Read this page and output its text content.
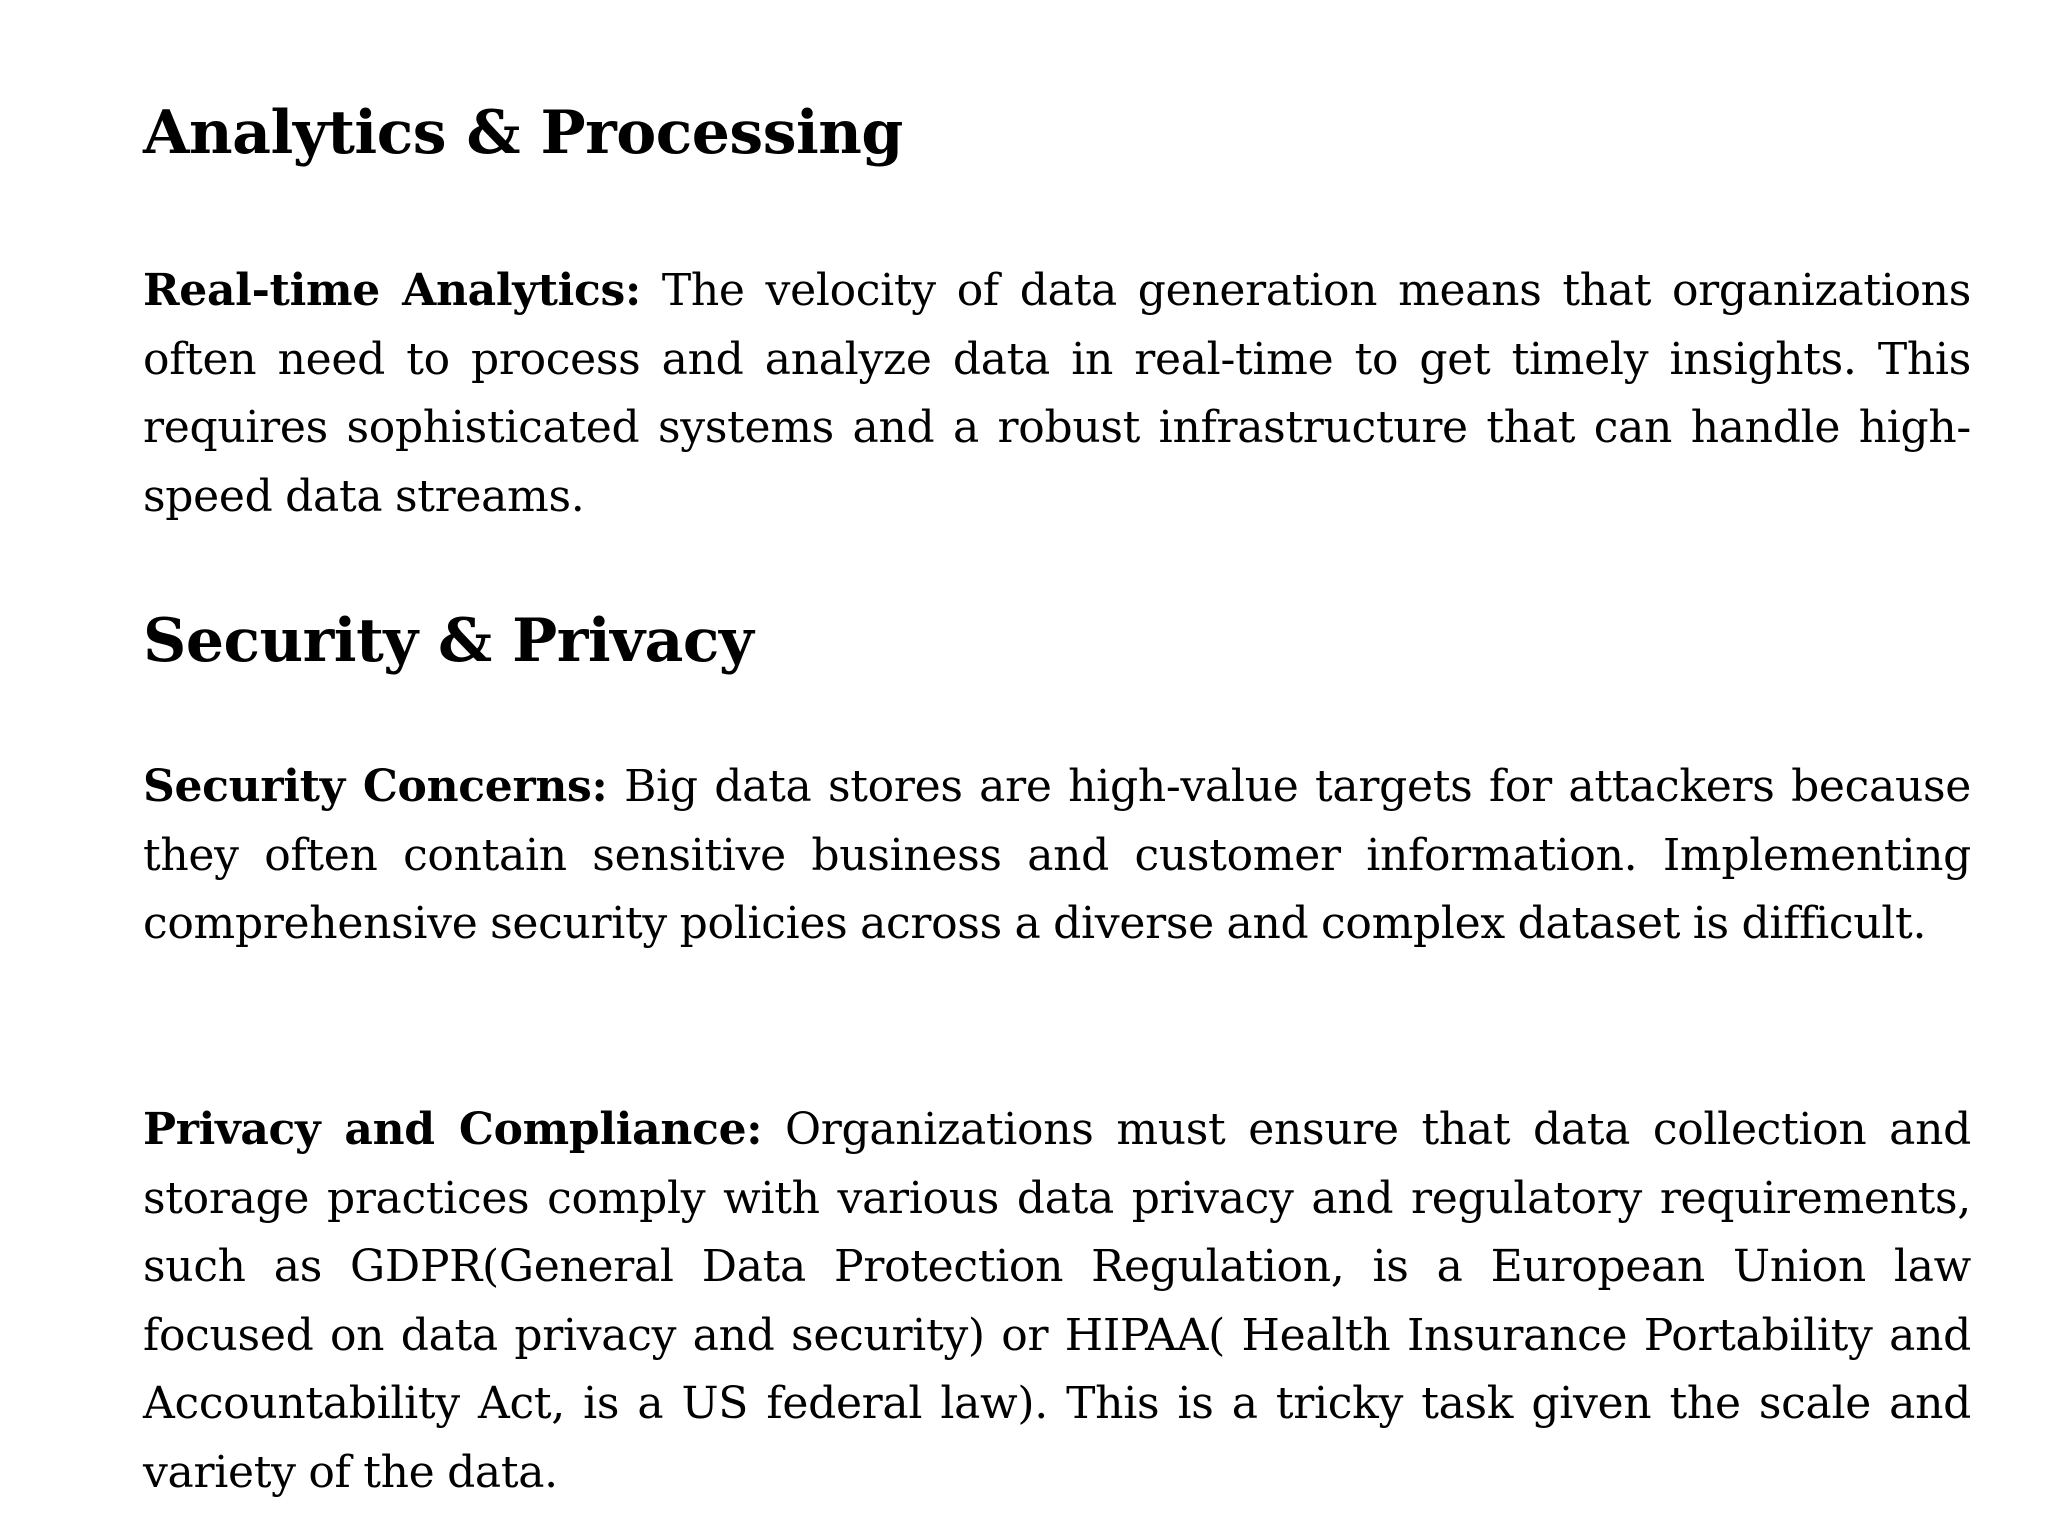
Analytics & Processing

Real-time Analytics: The velocity of data generation means that organizations often need to process and analyze data in real-time to get timely insights. This requires sophisticated systems and a robust infrastructure that can handle high-speed data streams.

Security & Privacy

Security Concerns: Big data stores are high-value targets for attackers because they often contain sensitive business and customer information. Implementing comprehensive security policies across a diverse and complex dataset is difficult.

Privacy and Compliance: Organizations must ensure that data collection and storage practices comply with various data privacy and regulatory requirements, such as GDPR(General Data Protection Regulation, is a European Union law focused on data privacy and security) or HIPAA( Health Insurance Portability and Accountability Act, is a US federal law). This is a tricky task given the scale and variety of the data.
